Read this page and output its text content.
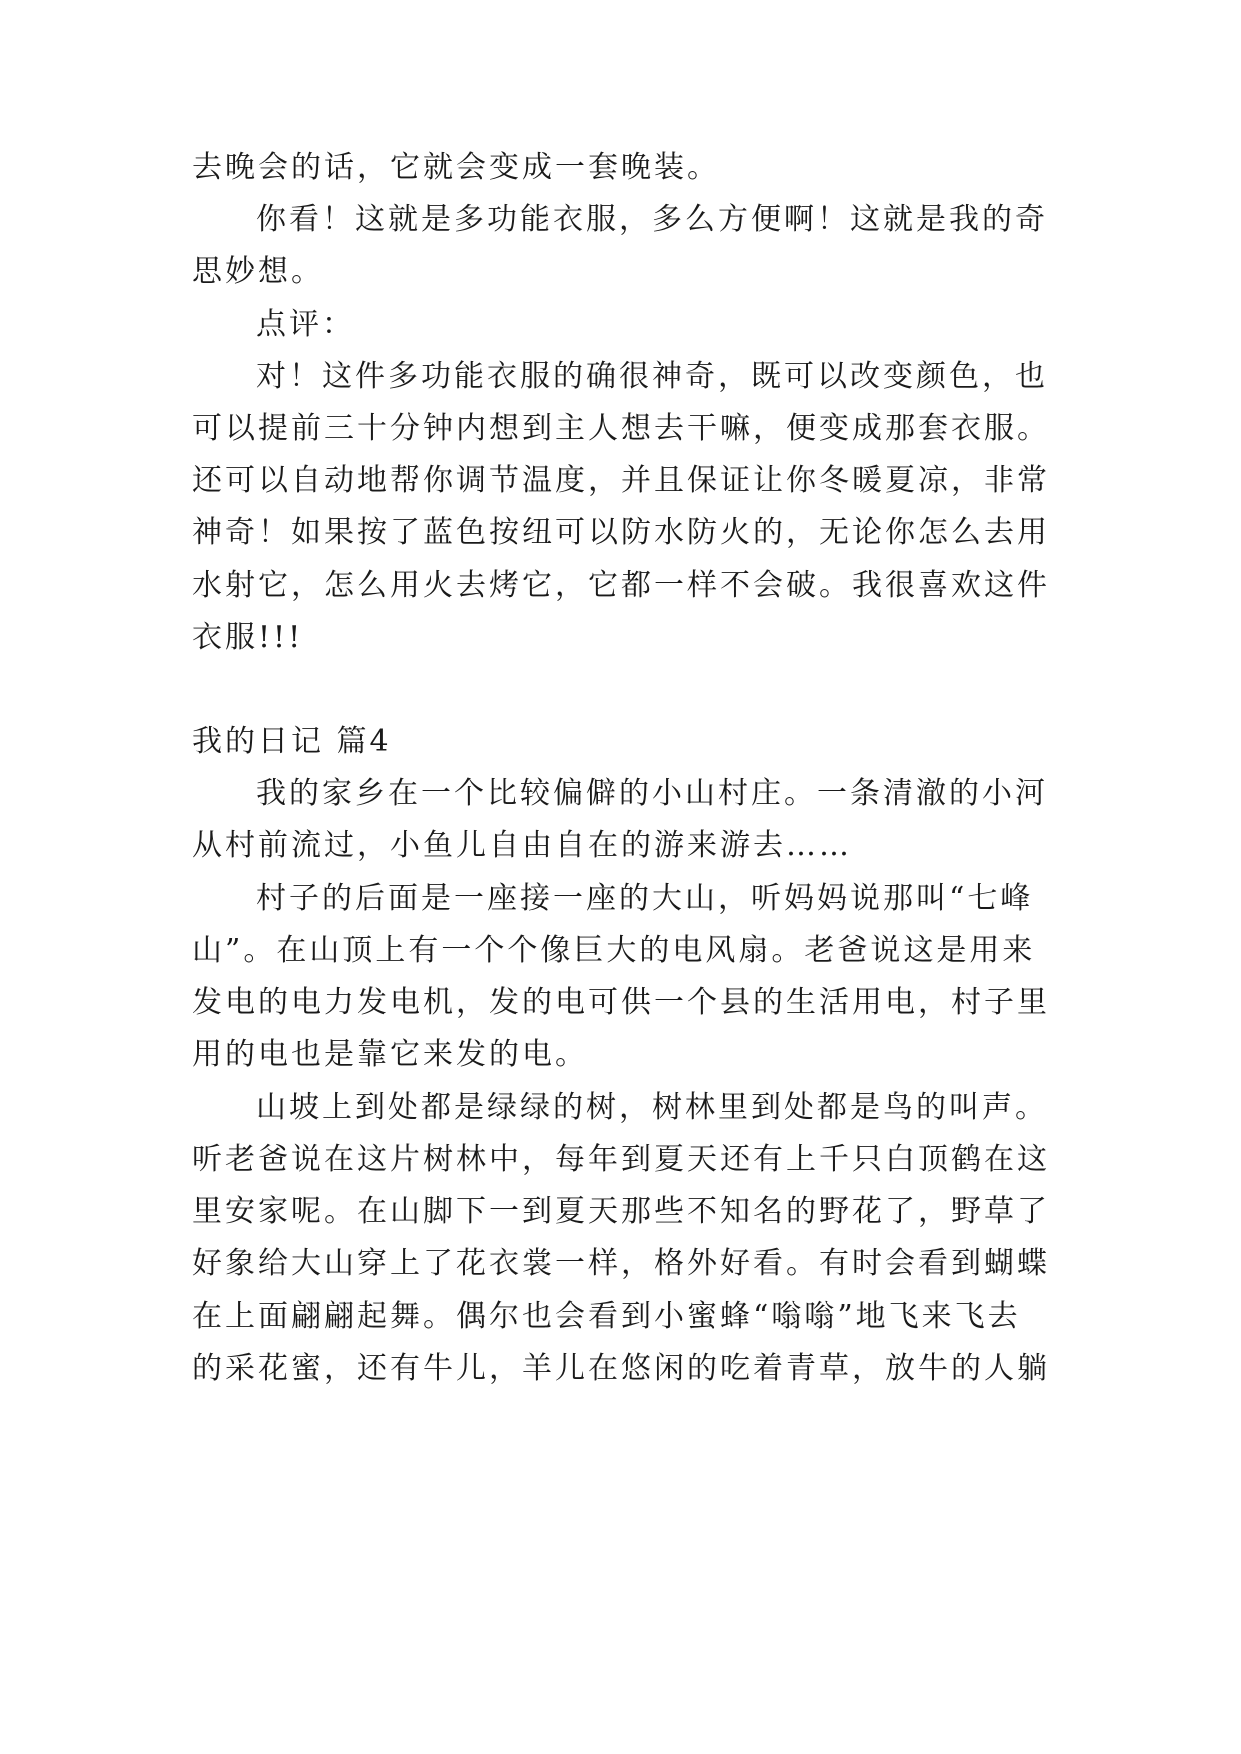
去晚会的话，它就会变成一套晚装。

你看！这就是多功能衣服，多么方便啊！这就是我的奇

思妙想。

点评：

对！这件多功能衣服的确很神奇，既可以改变颜色，也

可以提前三十分钟内想到主人想去干嘛，便变成那套衣服。

还可以自动地帮你调节温度，并且保证让你冬暖夏凉，非常

神奇！如果按了蓝色按纽可以防水防火的，无论你怎么去用

水射它，怎么用火去烤它，它都一样不会破。我很喜欢这件

衣服!!!

我的日记 篇4

我的家乡在一个比较偏僻的小山村庄。一条清澈的小河

从村前流过，小鱼儿自由自在的游来游去……

村子的后面是一座接一座的大山，听妈妈说那叫“七峰

山”。在山顶上有一个个像巨大的电风扇。老爸说这是用来

发电的电力发电机，发的电可供一个县的生活用电，村子里

用的电也是靠它来发的电。

山坡上到处都是绿绿的树，树林里到处都是鸟的叫声。

听老爸说在这片树林中，每年到夏天还有上千只白顶鹤在这

里安家呢。在山脚下一到夏天那些不知名的野花了，野草了

好象给大山穿上了花衣裳一样，格外好看。有时会看到蝴蝶

在上面翩翩起舞。偶尔也会看到小蜜蜂“嗡嗡”地飞来飞去

的采花蜜，还有牛儿，羊儿在悠闲的吃着青草，放牛的人躺
